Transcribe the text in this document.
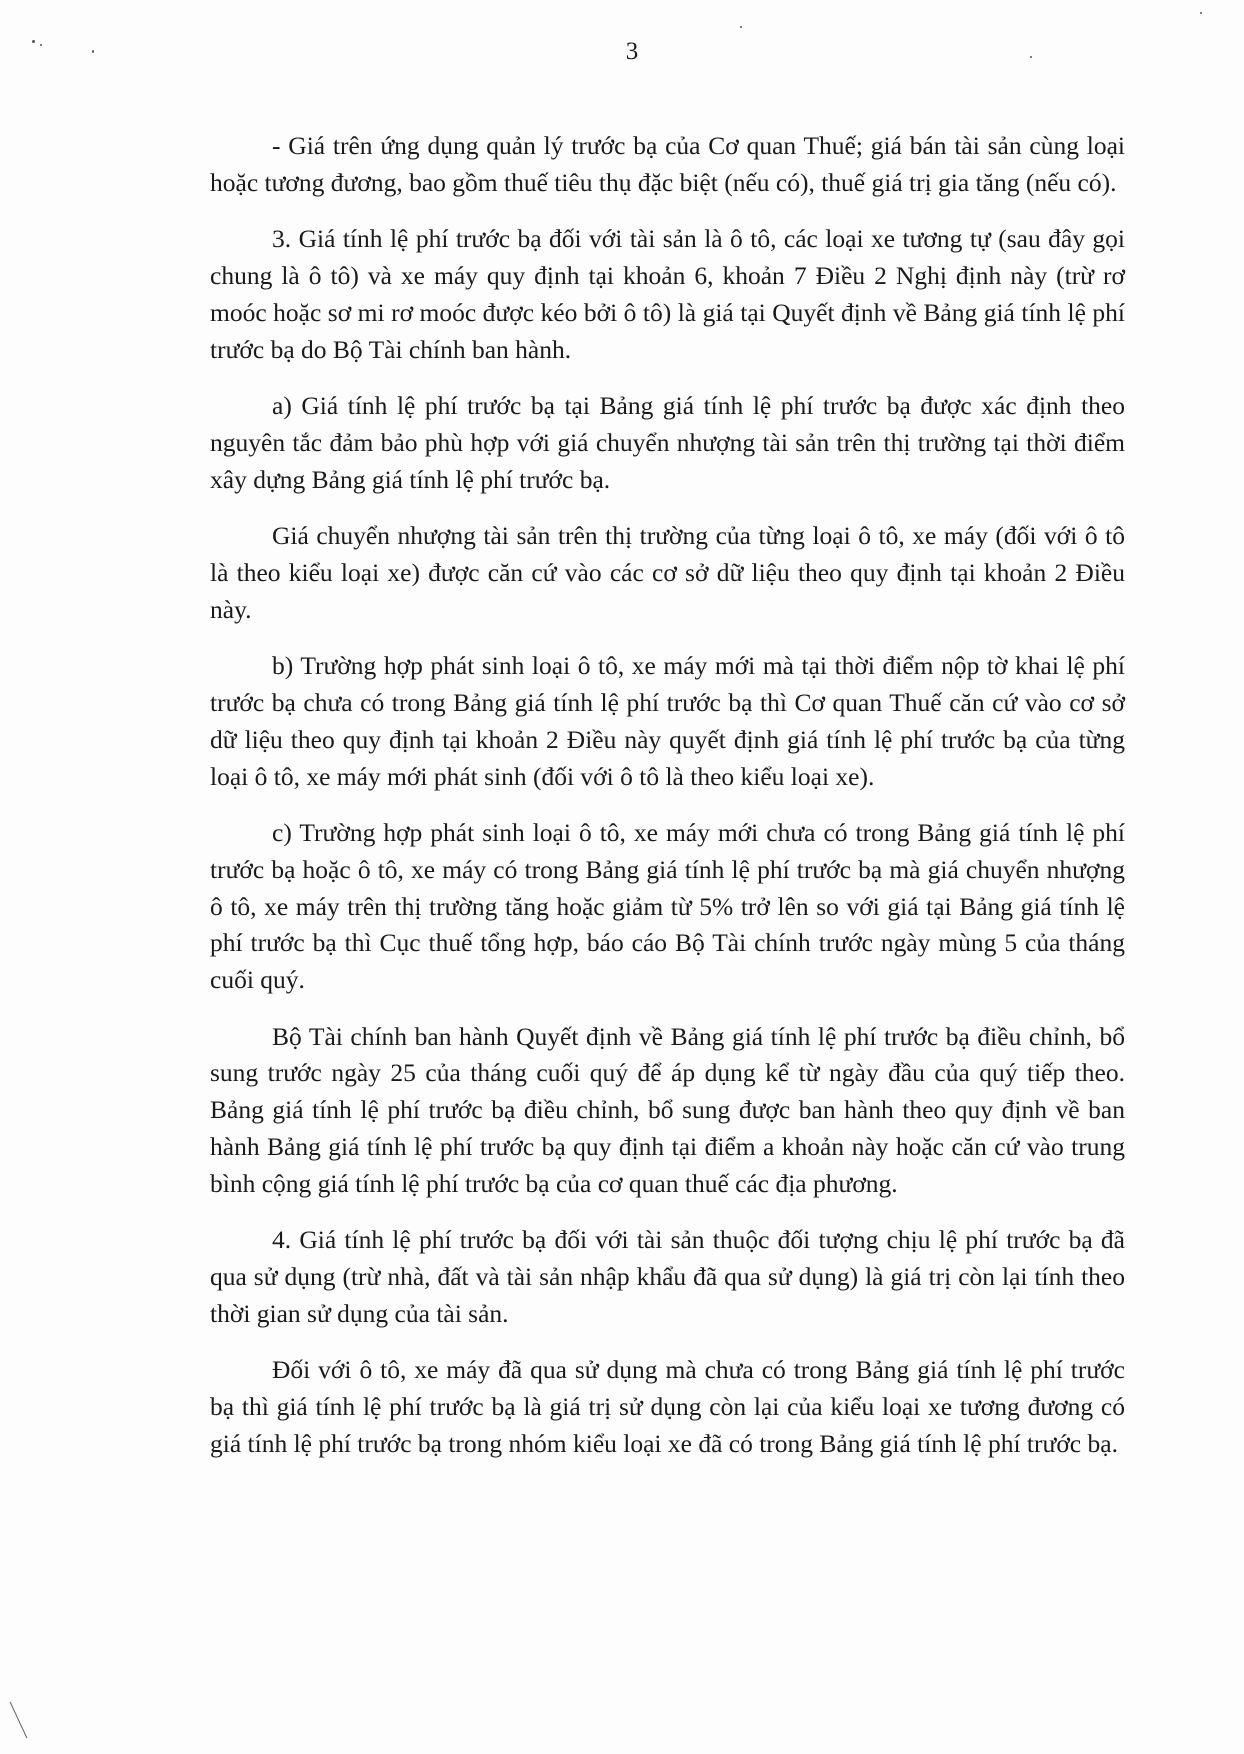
3

- Giá trên ứng dụng quản lý trước bạ của Cơ quan Thuế; giá bán tài sản cùng loại hoặc tương đương, bao gồm thuế tiêu thụ đặc biệt (nếu có), thuế giá trị gia tăng (nếu có).

3. Giá tính lệ phí trước bạ đối với tài sản là ô tô, các loại xe tương tự (sau đây gọi chung là ô tô) và xe máy quy định tại khoản 6, khoản 7 Điều 2 Nghị định này (trừ rơ moóc hoặc sơ mi rơ moóc được kéo bởi ô tô) là giá tại Quyết định về Bảng giá tính lệ phí trước bạ do Bộ Tài chính ban hành.

a) Giá tính lệ phí trước bạ tại Bảng giá tính lệ phí trước bạ được xác định theo nguyên tắc đảm bảo phù hợp với giá chuyển nhượng tài sản trên thị trường tại thời điểm xây dựng Bảng giá tính lệ phí trước bạ.

Giá chuyển nhượng tài sản trên thị trường của từng loại ô tô, xe máy (đối với ô tô là theo kiểu loại xe) được căn cứ vào các cơ sở dữ liệu theo quy định tại khoản 2 Điều này.

b) Trường hợp phát sinh loại ô tô, xe máy mới mà tại thời điểm nộp tờ khai lệ phí trước bạ chưa có trong Bảng giá tính lệ phí trước bạ thì Cơ quan Thuế căn cứ vào cơ sở dữ liệu theo quy định tại khoản 2 Điều này quyết định giá tính lệ phí trước bạ của từng loại ô tô, xe máy mới phát sinh (đối với ô tô là theo kiểu loại xe).

c) Trường hợp phát sinh loại ô tô, xe máy mới chưa có trong Bảng giá tính lệ phí trước bạ hoặc ô tô, xe máy có trong Bảng giá tính lệ phí trước bạ mà giá chuyển nhượng ô tô, xe máy trên thị trường tăng hoặc giảm từ 5% trở lên so với giá tại Bảng giá tính lệ phí trước bạ thì Cục thuế tổng hợp, báo cáo Bộ Tài chính trước ngày mùng 5 của tháng cuối quý.

Bộ Tài chính ban hành Quyết định về Bảng giá tính lệ phí trước bạ điều chỉnh, bổ sung trước ngày 25 của tháng cuối quý để áp dụng kể từ ngày đầu của quý tiếp theo. Bảng giá tính lệ phí trước bạ điều chỉnh, bổ sung được ban hành theo quy định về ban hành Bảng giá tính lệ phí trước bạ quy định tại điểm a khoản này hoặc căn cứ vào trung bình cộng giá tính lệ phí trước bạ của cơ quan thuế các địa phương.

4. Giá tính lệ phí trước bạ đối với tài sản thuộc đối tượng chịu lệ phí trước bạ đã qua sử dụng (trừ nhà, đất và tài sản nhập khẩu đã qua sử dụng) là giá trị còn lại tính theo thời gian sử dụng của tài sản.

Đối với ô tô, xe máy đã qua sử dụng mà chưa có trong Bảng giá tính lệ phí trước bạ thì giá tính lệ phí trước bạ là giá trị sử dụng còn lại của kiểu loại xe tương đương có giá tính lệ phí trước bạ trong nhóm kiểu loại xe đã có trong Bảng giá tính lệ phí trước bạ.
